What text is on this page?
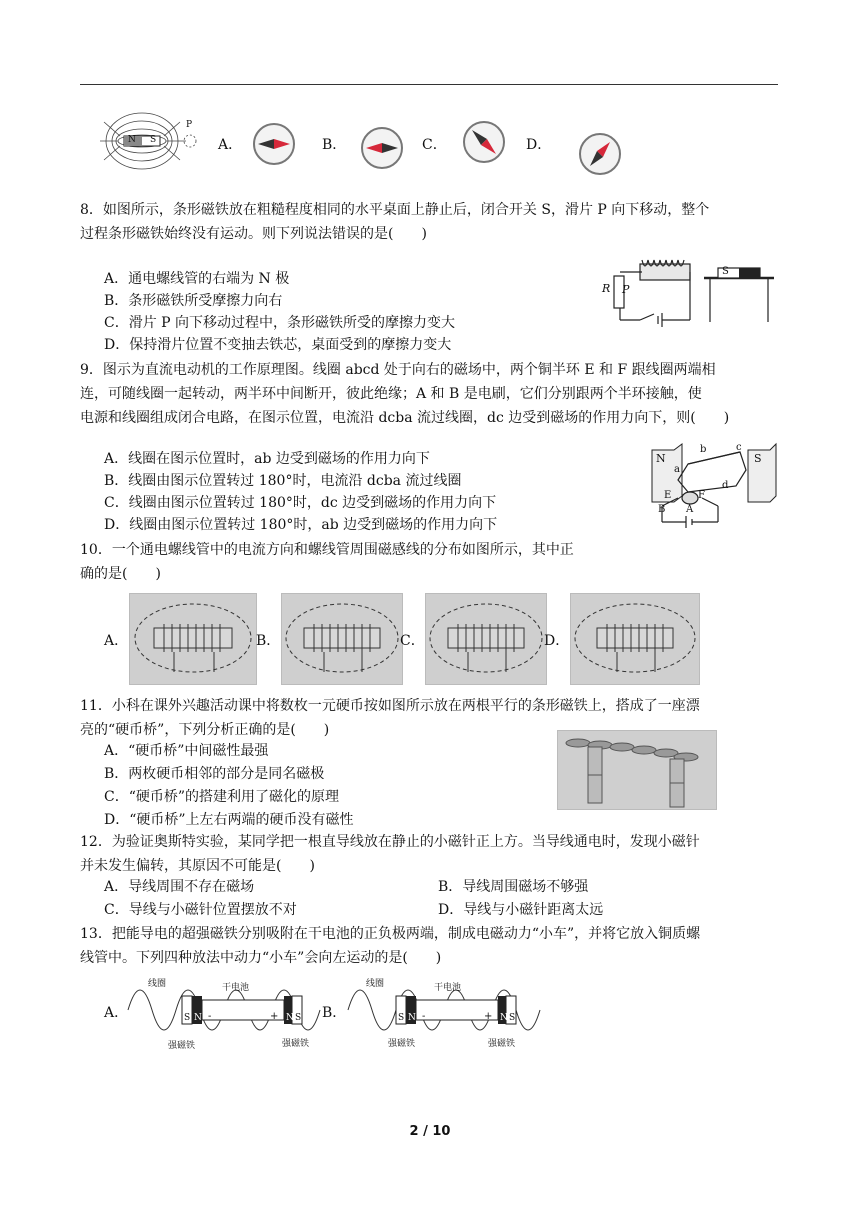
N S
P
A．	B．	C．	D．
8．如图所示，条形磁铁放在粗糙程度相同的水平桌面上静止后，闭合开关 S，滑片 P 向下移动，整个
过程条形磁铁始终没有运动。则下列说法错误的是(　　)
A．通电螺线管的右端为 N 极
B．条形磁铁所受摩擦力向右
C．滑片 P 向下移动过程中，条形磁铁所受的摩擦力变大
D．保持滑片位置不变抽去铁芯，桌面受到的摩擦力变大
R P
S
9．图示为直流电动机的工作原理图。线圈 abcd 处于向右的磁场中，两个铜半环 E 和 F 跟线圈两端相
连，可随线圈一起转动，两半环中间断开，彼此绝缘；A 和 B 是电刷，它们分别跟两个半环接触，使
电源和线圈组成闭合电路，在图示位置，电流沿 dcba 流过线圈，dc 边受到磁场的作用力向下，则(　　)
A．线圈在图示位置时，ab 边受到磁场的作用力向下
B．线圈由图示位置转过 180°时，电流沿 dcba 流过线圈
C．线圈由图示位置转过 180°时，dc 边受到磁场的作用力向下
D．线圈由图示位置转过 180°时，ab 边受到磁场的作用力向下
N	S
a
b	c
d
E	F
A
B
10．一个通电螺线管中的电流方向和螺线管周围磁感线的分布如图所示，其中正
确的是(　　)
A．	B．	C．	D．
11．小科在课外兴趣活动课中将数枚一元硬币按如图所示放在两根平行的条形磁铁上，搭成了一座漂
亮的“硬币桥”，下列分析正确的是(　　)
A．“硬币桥”中间磁性最强
B．两枚硬币相邻的部分是同名磁极
C．“硬币桥”的搭建利用了磁化的原理
D．“硬币桥”上左右两端的硬币没有磁性
12．为验证奥斯特实验，某同学把一根直导线放在静止的小磁针正上方。当导线通电时，发现小磁针
并未发生偏转，其原因不可能是(　　)
A．导线周围不存在磁场	B．导线周围磁场不够强
C．导线与小磁针位置摆放不对	D．导线与小磁针距离太远
13．把能导电的超强磁铁分别吸附在干电池的正负极两端，制成电磁动力“小车”，并将它放入铜质螺
线管中。下列四种放法中动力“小车”会向左运动的是(　　)
A．
线圈	干电池
S N -	+ N S
强磁铁	强磁铁
B．
线圈	干电池
S N -	+ N S
强磁铁	强磁铁
2 / 10
